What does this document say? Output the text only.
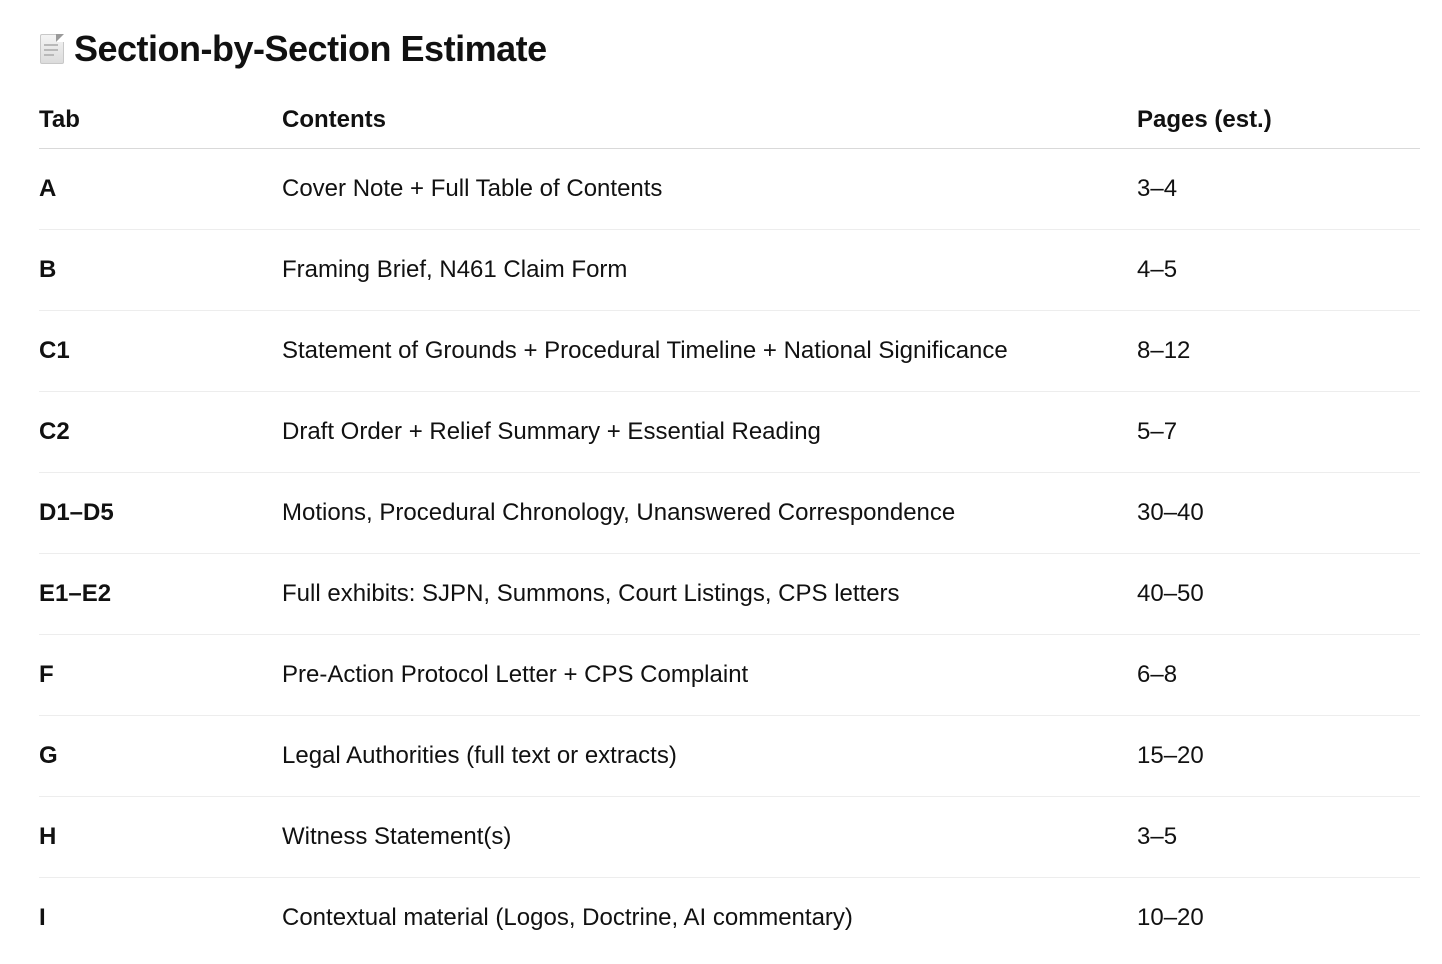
Section-by-Section Estimate
Tab	Contents	Pages (est.)
A	Cover Note + Full Table of Contents	3–4
B	Framing Brief, N461 Claim Form	4–5
C1	Statement of Grounds + Procedural Timeline + National Significance	8–12
C2	Draft Order + Relief Summary + Essential Reading	5–7
D1–D5	Motions, Procedural Chronology, Unanswered Correspondence	30–40
E1–E2	Full exhibits: SJPN, Summons, Court Listings, CPS letters	40–50
F	Pre-Action Protocol Letter + CPS Complaint	6–8
G	Legal Authorities (full text or extracts)	15–20
H	Witness Statement(s)	3–5
I	Contextual material (Logos, Doctrine, AI commentary)	10–20
